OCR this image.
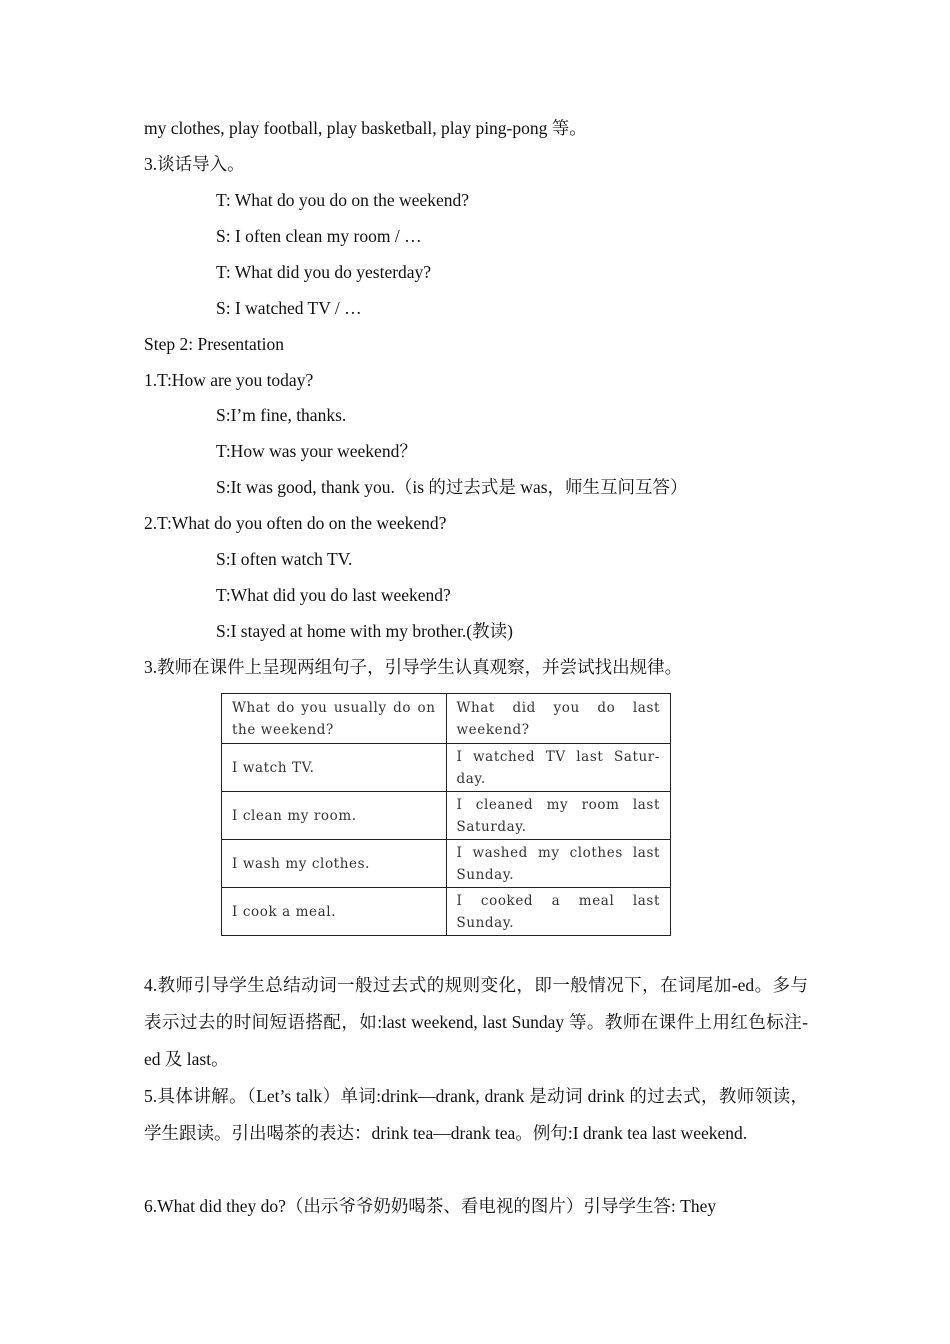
my clothes, play football, play basketball, play ping-pong 等。
3.谈话导入。
T: What do you do on the weekend?
S: I often clean my room / …
T: What did you do yesterday?
S: I watched TV / …
Step 2: Presentation
1.T:How are you today?
S:I’m fine, thanks.
T:How was your weekend？
S:It was good, thank you.（is 的过去式是 was，师生互问互答）
2.T:What do you often do on the weekend?
S:I often watch TV.
T:What did you do last weekend?
S:I stayed at home with my brother.(教读)
3.教师在课件上呈现两组句子，引导学生认真观察，并尝试找出规律。
What do you usually do on the weekend?	What did you do last weekend?
I watch TV.	I watched TV last Satur-day.
I clean my room.	I cleaned my room last Saturday.
I wash my clothes.	I washed my clothes last Sunday.
I cook a meal.	I cooked a meal last Sunday.
4.教师引导学生总结动词一般过去式的规则变化，即一般情况下，在词尾加-ed。多与表示过去的时间短语搭配，如:last weekend, last Sunday 等。教师在课件上用红色标注-ed 及 last。
5.具体讲解。（Let’s talk）单词:drink—drank, drank 是动词 drink 的过去式，教师领读，学生跟读。引出喝茶的表达：drink tea—drank tea。例句:I drank tea last weekend.
6.What did they do?（出示爷爷奶奶喝茶、看电视的图片）引导学生答: They
